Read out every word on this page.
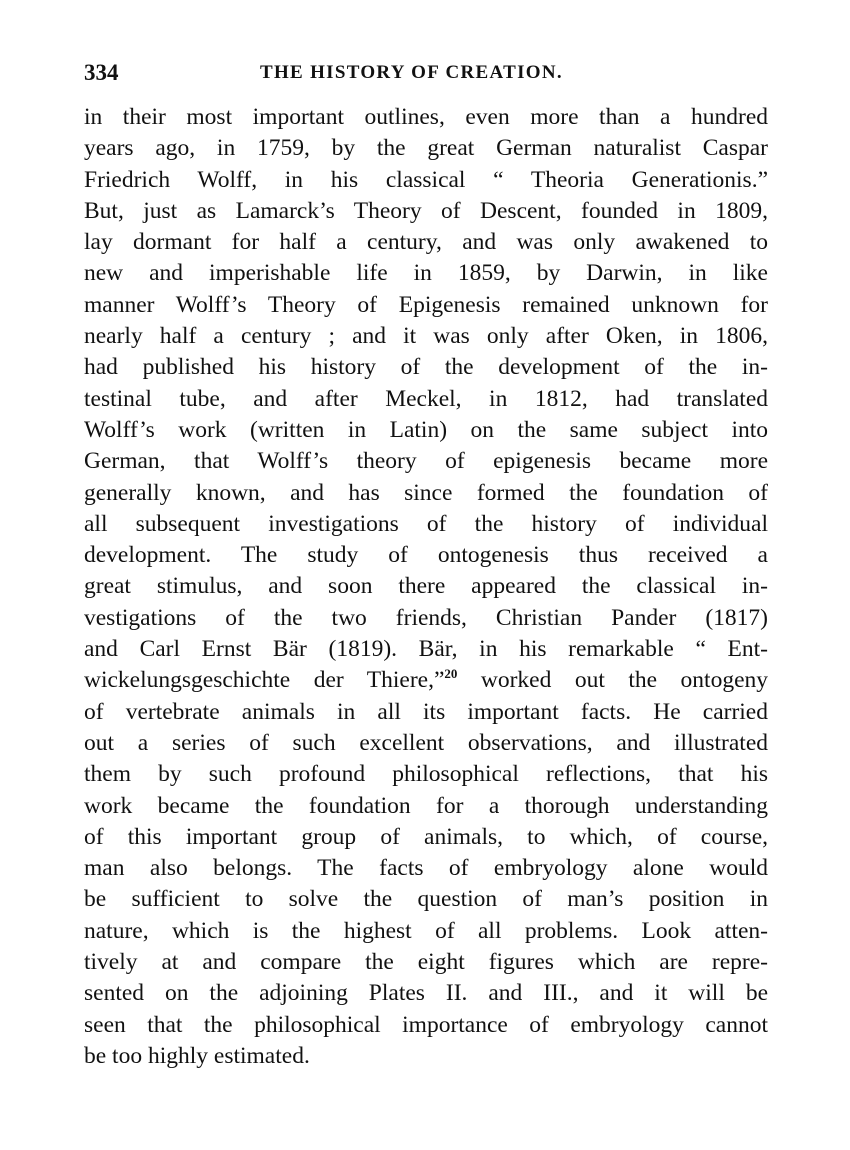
334	THE HISTORY OF CREATION.
in their most important outlines, even more than a hundred
years ago, in 1759, by the great German naturalist Caspar
Friedrich Wolff, in his classical “ Theoria Generationis.”
But, just as Lamarck’s Theory of Descent, founded in 1809,
lay dormant for half a century, and was only awakened to
new and imperishable life in 1859, by Darwin, in like
manner Wolff’s Theory of Epigenesis remained unknown for
nearly half a century ; and it was only after Oken, in 1806,
had published his history of the development of the in-
testinal tube, and after Meckel, in 1812, had translated
Wolff’s work (written in Latin) on the same subject into
German, that Wolff’s theory of epigenesis became more
generally known, and has since formed the foundation of
all subsequent investigations of the history of individual
development. The study of ontogenesis thus received a
great stimulus, and soon there appeared the classical in-
vestigations of the two friends, Christian Pander (1817)
and Carl Ernst Bär (1819). Bär, in his remarkable “ Ent-
wickelungsgeschichte der Thiere,”$^{20}$ worked out the ontogeny
of vertebrate animals in all its important facts. He carried
out a series of such excellent observations, and illustrated
them by such profound philosophical reflections, that his
work became the foundation for a thorough understanding
of this important group of animals, to which, of course,
man also belongs. The facts of embryology alone would
be sufficient to solve the question of man’s position in
nature, which is the highest of all problems. Look atten-
tively at and compare the eight figures which are repre-
sented on the adjoining Plates II. and III., and it will be
seen that the philosophical importance of embryology cannot
be too highly estimated.
